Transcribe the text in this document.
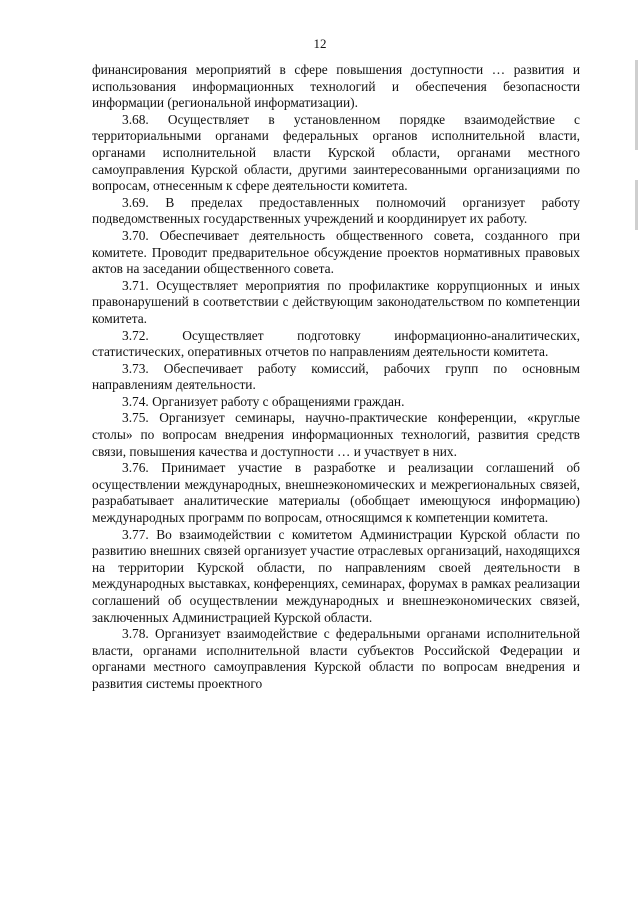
12

финансирования мероприятий в сфере повышения доступности … развития и использования информационных технологий и обеспечения безопасности информации (региональной информатизации).

3.68. Осуществляет в установленном порядке взаимодействие с территориальными органами федеральных органов исполнительной власти, органами исполнительной власти Курской области, органами местного самоуправления Курской области, другими заинтересованными организациями по вопросам, отнесенным к сфере деятельности комитета.

3.69. В пределах предоставленных полномочий организует работу подведомственных государственных учреждений и координирует их работу.

3.70. Обеспечивает деятельность общественного совета, созданного при комитете. Проводит предварительное обсуждение проектов нормативных правовых актов на заседании общественного совета.

3.71. Осуществляет мероприятия по профилактике коррупционных и иных правонарушений в соответствии с действующим законодательством по компетенции комитета.

3.72. Осуществляет подготовку информационно-аналитических, статистических, оперативных отчетов по направлениям деятельности комитета.

3.73. Обеспечивает работу комиссий, рабочих групп по основным направлениям деятельности.

3.74. Организует работу с обращениями граждан.

3.75. Организует семинары, научно-практические конференции, «круглые столы» по вопросам внедрения информационных технологий, развития средств связи, повышения качества и доступности … и участвует в них.

3.76. Принимает участие в разработке и реализации соглашений об осуществлении международных, внешнеэкономических и межрегиональных связей, разрабатывает аналитические материалы (обобщает имеющуюся информацию) международных программ по вопросам, относящимся к компетенции комитета.

3.77. Во взаимодействии с комитетом Администрации Курской области по развитию внешних связей организует участие отраслевых организаций, находящихся на территории Курской области, по направлениям своей деятельности в международных выставках, конференциях, семинарах, форумах в рамках реализации соглашений об осуществлении международных и внешнеэкономических связей, заключенных Администрацией Курской области.

3.78. Организует взаимодействие с федеральными органами исполнительной власти, органами исполнительной власти субъектов Российской Федерации и органами местного самоуправления Курской области по вопросам внедрения и развития системы проектного
